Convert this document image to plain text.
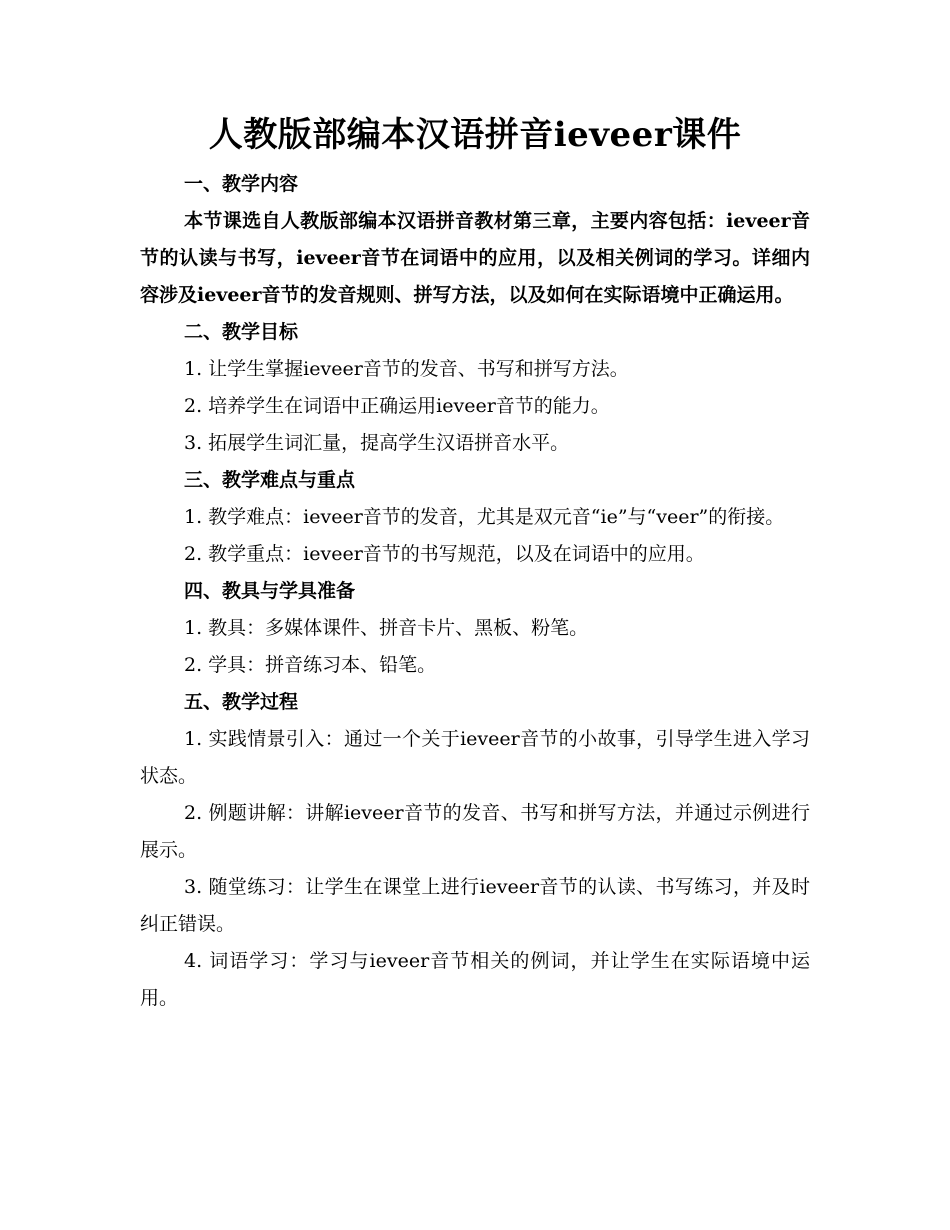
人教版部编本汉语拼音ieveer课件

一、教学内容

本节课选自人教版部编本汉语拼音教材第三章，主要内容包括：ieveer音节的认读与书写，ieveer音节在词语中的应用，以及相关例词的学习。详细内容涉及ieveer音节的发音规则、拼写方法，以及如何在实际语境中正确运用。

二、教学目标

1. 让学生掌握ieveer音节的发音、书写和拼写方法。

2. 培养学生在词语中正确运用ieveer音节的能力。

3. 拓展学生词汇量，提高学生汉语拼音水平。

三、教学难点与重点

1. 教学难点：ieveer音节的发音，尤其是双元音“ie”与“veer”的衔接。

2. 教学重点：ieveer音节的书写规范，以及在词语中的应用。

四、教具与学具准备

1. 教具：多媒体课件、拼音卡片、黑板、粉笔。

2. 学具：拼音练习本、铅笔。

五、教学过程

1. 实践情景引入：通过一个关于ieveer音节的小故事，引导学生进入学习状态。

2. 例题讲解：讲解ieveer音节的发音、书写和拼写方法，并通过示例进行展示。

3. 随堂练习：让学生在课堂上进行ieveer音节的认读、书写练习，并及时纠正错误。

4. 词语学习：学习与ieveer音节相关的例词，并让学生在实际语境中运用。
